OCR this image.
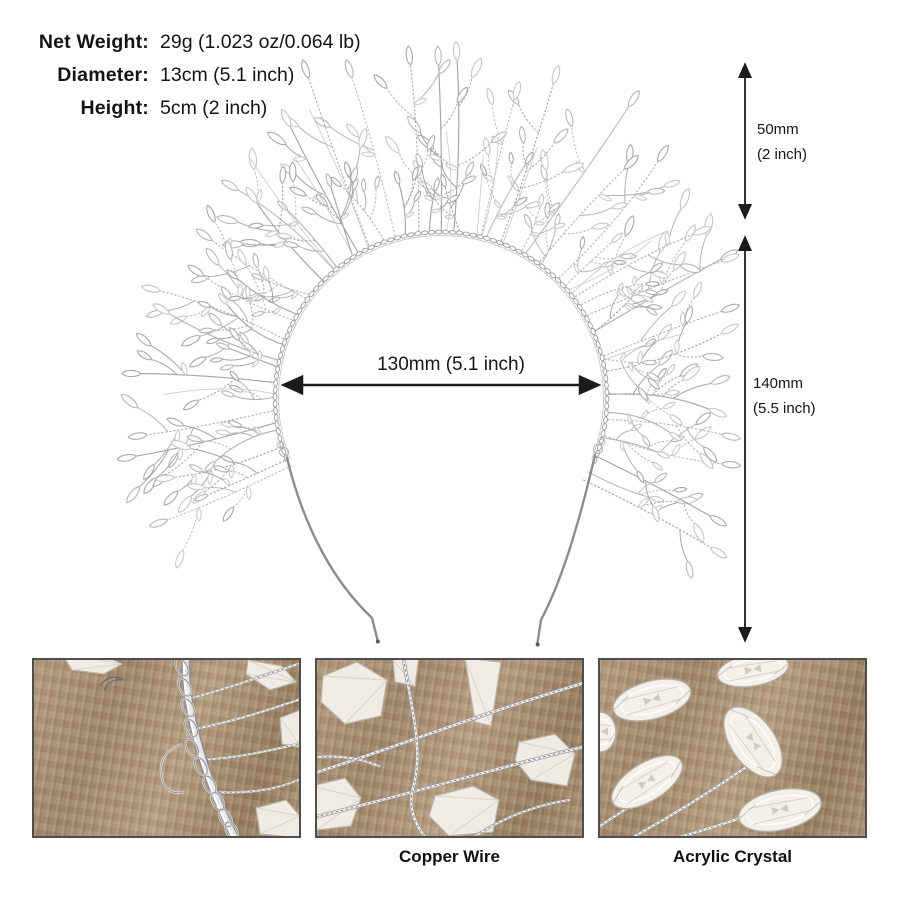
Net Weight: 29g (1.023 oz/0.064 lb)
Diameter: 13cm (5.1 inch)
Height: 5cm (2 inch)
130mm (5.1 inch)
50mm
(2 inch)
140mm
(5.5 inch)
Copper Wire	Acrylic Crystal
